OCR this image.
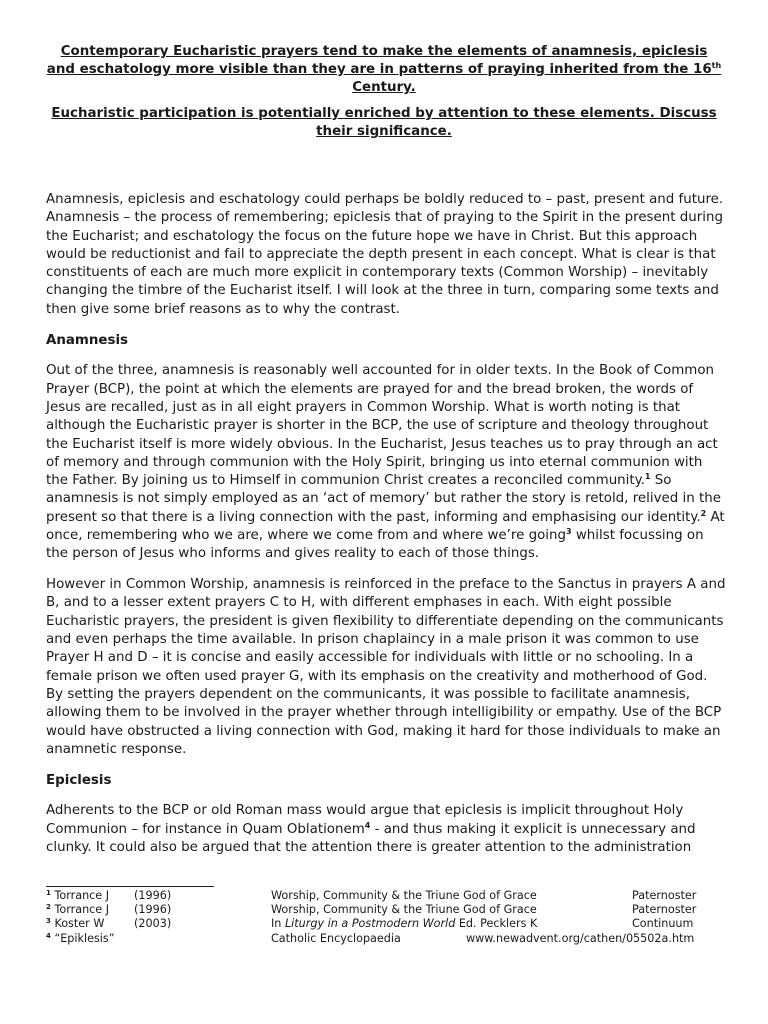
Contemporary Eucharistic prayers tend to make the elements of anamnesis, epiclesis and eschatology more visible than they are in patterns of praying inherited from the 16th Century.

Eucharistic participation is potentially enriched by attention to these elements. Discuss their significance.

Anamnesis, epiclesis and eschatology could perhaps be boldly reduced to – past, present and future. Anamnesis – the process of remembering; epiclesis that of praying to the Spirit in the present during the Eucharist; and eschatology the focus on the future hope we have in Christ. But this approach would be reductionist and fail to appreciate the depth present in each concept. What is clear is that constituents of each are much more explicit in contemporary texts (Common Worship) – inevitably changing the timbre of the Eucharist itself. I will look at the three in turn, comparing some texts and then give some brief reasons as to why the contrast.

Anamnesis

Out of the three, anamnesis is reasonably well accounted for in older texts. In the Book of Common Prayer (BCP), the point at which the elements are prayed for and the bread broken, the words of Jesus are recalled, just as in all eight prayers in Common Worship. What is worth noting is that although the Eucharistic prayer is shorter in the BCP, the use of scripture and theology throughout the Eucharist itself is more widely obvious. In the Eucharist, Jesus teaches us to pray through an act of memory and through communion with the Holy Spirit, bringing us into eternal communion with the Father. By joining us to Himself in communion Christ creates a reconciled community.$^1$ So anamnesis is not simply employed as an ‘act of memory’ but rather the story is retold, relived in the present so that there is a living connection with the past, informing and emphasising our identity.$^2$ At once, remembering who we are, where we come from and where we’re going$^3$ whilst focussing on the person of Jesus who informs and gives reality to each of those things.

However in Common Worship, anamnesis is reinforced in the preface to the Sanctus in prayers A and B, and to a lesser extent prayers C to H, with different emphases in each. With eight possible Eucharistic prayers, the president is given flexibility to differentiate depending on the communicants and even perhaps the time available. In prison chaplaincy in a male prison it was common to use Prayer H and D – it is concise and easily accessible for individuals with little or no schooling. In a female prison we often used prayer G, with its emphasis on the creativity and motherhood of God. By setting the prayers dependent on the communicants, it was possible to facilitate anamnesis, allowing them to be involved in the prayer whether through intelligibility or empathy. Use of the BCP would have obstructed a living connection with God, making it hard for those individuals to make an anamnetic response.

Epiclesis

Adherents to the BCP or old Roman mass would argue that epiclesis is implicit throughout Holy Communion – for instance in Quam Oblationem$^4$ - and thus making it explicit is unnecessary and clunky. It could also be argued that the attention there is greater attention to the administration

$^1$ Torrance J (1996)	Worship, Community & the Triune God of Grace	Paternoster
$^2$ Torrance J (1996)	Worship, Community & the Triune God of Grace	Paternoster
$^3$ Koster W	(2003)	In Liturgy in a Postmodern World Ed. Pecklers K	Continuum
$^4$ “Epiklesis”	Catholic Encyclopaedia	www.newadvent.org/cathen/05502a.htm
